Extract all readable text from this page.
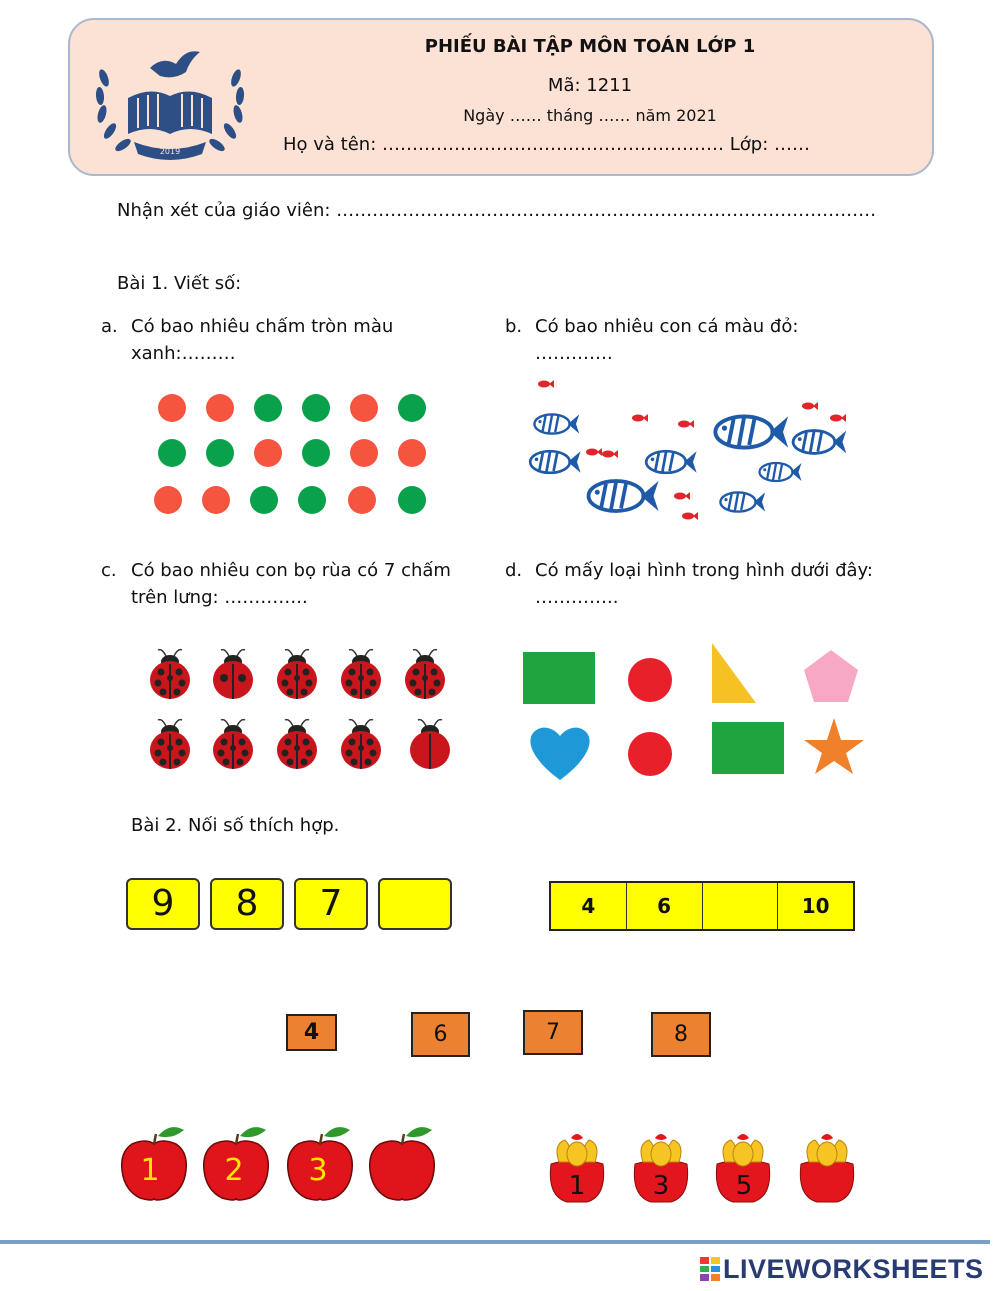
2019
PHIẾU BÀI TẬP MÔN TOÁN LỚP 1
Mã: 1211
Ngày …… tháng …… năm 2021
Họ và tên: ………………………………………………… Lớp: ……
Nhận xét của giáo viên: ………………………………………………………………………………
Bài 1. Viết số:
a. Có bao nhiêu chấm tròn màu
xanh:………
b. Có bao nhiêu con cá màu đỏ:
………….
c. Có bao nhiêu con bọ rùa có 7 chấm
trên lưng: …………..
d. Có mấy loại hình trong hình dưới đây:
…………..
Bài 2. Nối số thích hợp.
9	8	7	4	6	10
4	6	7	8
1 2 3	1	3	5
LIVEWORKSHEETS
